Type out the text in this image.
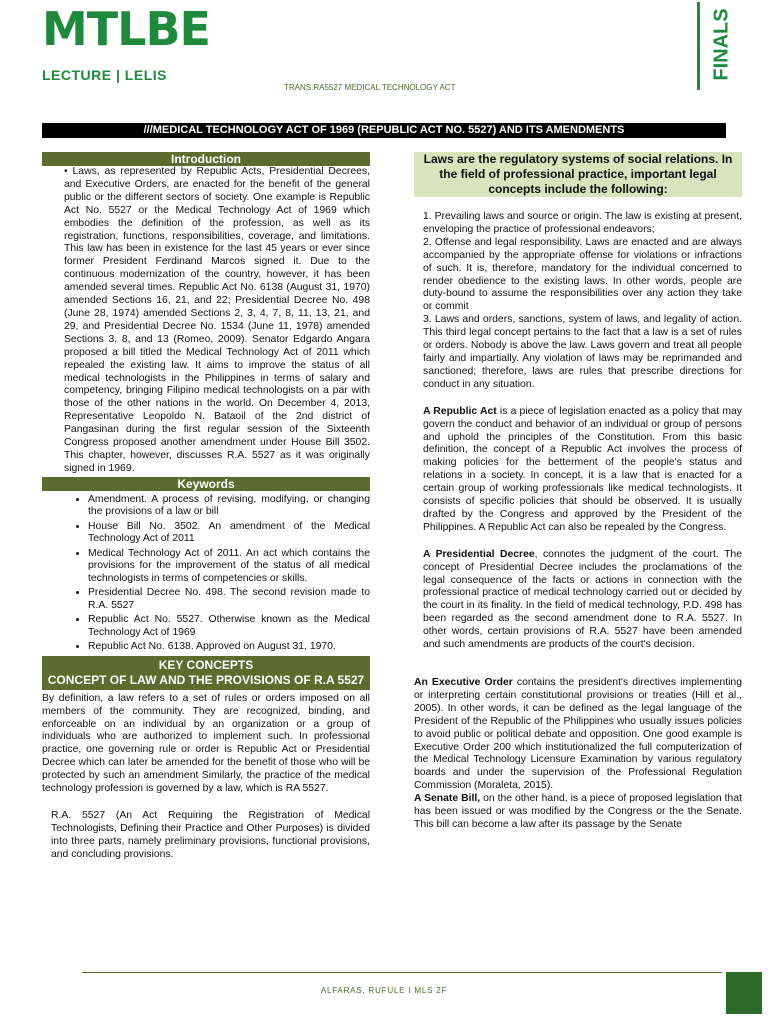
MTLBE
LECTURE | LELIS
TRANS:RA5527 MEDICAL TECHNOLOGY ACT
FINALS
///MEDICAL TECHNOLOGY ACT OF 1969 (REPUBLIC ACT NO. 5527) AND ITS AMENDMENTS
Introduction
• Laws, as represented by Republic Acts, Presidential Decrees, and Executive Orders, are enacted for the benefit of the general public or the different sectors of society. One example is Republic Act No. 5527 or the Medical Technology Act of 1969 which embodies the definition of the profession, as well as its registration, functions, responsibilities, coverage, and limitations. This law has been in existence for the last 45 years or ever since former President Ferdinand Marcos signed it. Due to the continuous modernization of the country, however, it has been amended several times. Republic Act No. 6138 (August 31, 1970) amended Sections 16, 21, and 22; Presidential Decree No. 498 (June 28, 1974) amended Sections 2, 3, 4, 7, 8, 11, 13, 21, and 29, and Presidential Decree No. 1534 (June 11, 1978) amended Sections 3, 8, and 13 (Romeo, 2009). Senator Edgardo Angara proposed a bill titled the Medical Technology Act of 2011 which repealed the existing law. It aims to improve the status of all medical technologists in the Philippines in terms of salary and competency, bringing Filipino medical technologists on a par with those of the other nations in the world. On December 4, 2013, Representative Leopoldo N. Bataoil of the 2nd district of Pangasinan during the first regular session of the Sixteenth Congress proposed another amendment under House Bill 3502. This chapter, however, discusses R.A. 5527 as it was originally signed in 1969.
Keywords
• Amendment. A process of revising, modifying, or changing the provisions of a law or bill
• House Bill No. 3502. An amendment of the Medical Technology Act of 2011
• Medical Technology Act of 2011. An act which contains the provisions for the improvement of the status of all medical technologists in terms of competencies or skills.
• Presidential Decree No. 498. The second revision made to R.A. 5527
• Republic Act No. 5527. Otherwise known as the Medical Technology Act of 1969
• Republic Act No. 6138. Approved on August 31, 1970.
KEY CONCEPTS
CONCEPT OF LAW AND THE PROVISIONS OF R.A 5527

By definition, a law refers to a set of rules or orders imposed on all members of the community. They are recognized, binding, and enforceable on an individual by an organization or a group of individuals who are authorized to implement such. In professional practice, one governing rule or order is Republic Act or Presidential Decree which can later be amended for the benefit of those who will be protected by such an amendment Similarly, the practice of the medical technology profession is governed by a law, which is RA 5527.

R.A. 5527 (An Act Requiring the Registration of Medical Technologists, Defining their Practice and Other Purposes) is divided into three parts, namely preliminary provisions, functional provisions, and concluding provisions.

Laws are the regulatory systems of social relations. In the field of professional practice, important legal concepts include the following:

1. Prevailing laws and source or origin. The law is existing at present, enveloping the practice of professional endeavors;

2. Offense and legal responsibility. Laws are enacted and are always accompanied by the appropriate offense for violations or infractions of such. It is, therefore, mandatory for the individual concerned to render obedience to the existing laws. In other words, people are duty-bound to assume the responsibilities over any action they take or commit

3. Laws and orders, sanctions, system of laws, and legality of action. This third legal concept pertains to the fact that a law is a set of rules or orders. Nobody is above the law. Laws govern and treat all people fairly and impartially. Any violation of laws may be reprimanded and sanctioned; therefore, laws are rules that prescribe directions for conduct in any situation.

A Republic Act is a piece of legislation enacted as a policy that may govern the conduct and behavior of an individual or group of persons and uphold the principles of the Constitution. From this basic definition, the concept of a Republic Act involves the process of making policies for the betterment of the people's status and relations in a society. In concept, it is a law that is enacted for a certain group of working professionals like medical technologists. It consists of specific policies that should be observed. It is usually drafted by the Congress and approved by the President of the Philippines. A Republic Act can also be repealed by the Congress.

A Presidential Decree, connotes the judgment of the court. The concept of Presidential Decree includes the proclamations of the legal consequence of the facts or actions in connection with the professional practice of medical technology carried out or decided by the court in its finality. In the field of medical technology, P.D. 498 has been regarded as the second amendment done to R.A. 5527. In other words, certain provisions of R.A. 5527 have been amended and such amendments are products of the court's decision.

An Executive Order contains the president's directives implementing or interpreting certain constitutional provisions or treaties (Hill et al., 2005). In other words, it can be defined as the legal language of the President of the Republic of the Philippines who usually issues policies to avoid public or political debate and opposition. One good example is Executive Order 200 which institutionalized the full computerization of the Medical Technology Licensure Examination by various regulatory boards and under the supervision of the Professional Regulation Commission (Moraleta, 2015).

A Senate Bill, on the other hand, is a piece of proposed legislation that has been issued or was modified by the Congress or the the Senate. This bill can become a law after its passage by the Senate

ALFARAS, RUFULE I MLS 2F
